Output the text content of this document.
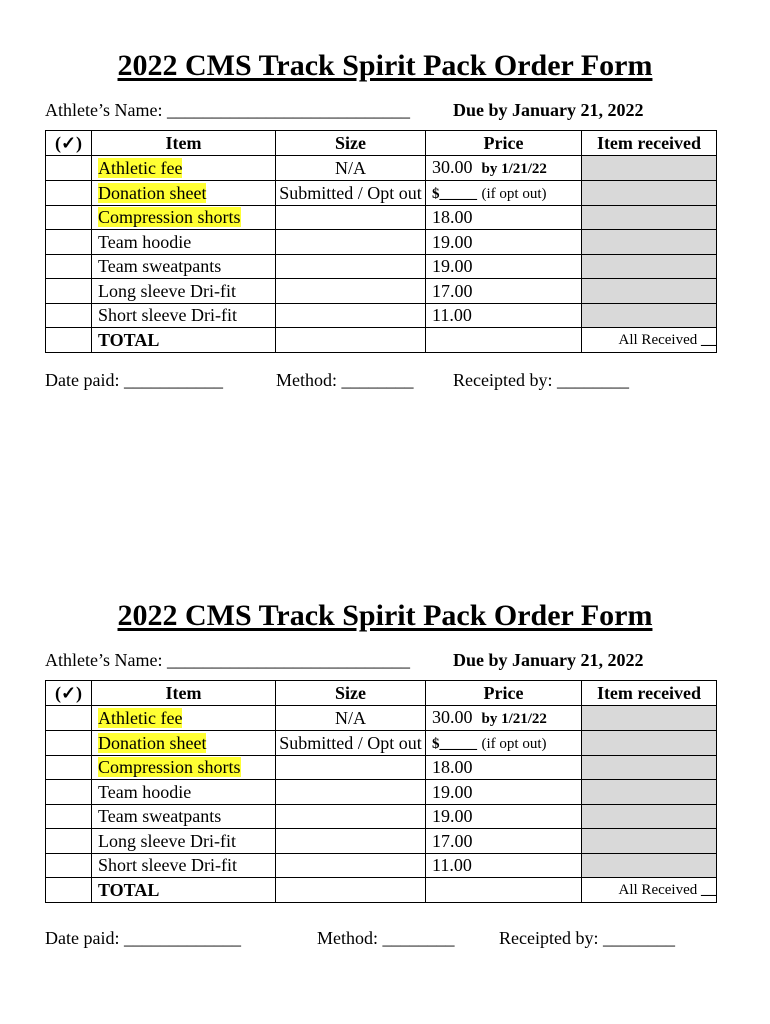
2022 CMS Track Spirit Pack Order Form
Athlete’s Name: ___________________________ Due by January 21, 2022
(✓)	Item	Size	Price	Item received
	Athletic fee	N/A	30.00 by 1/21/22	
	Donation sheet	Submitted / Opt out	$_____ (if opt out)	
	Compression shorts		18.00	
	Team hoodie		19.00	
	Team sweatpants		19.00	
	Long sleeve Dri-fit		17.00	
	Short sleeve Dri-fit		11.00	
	TOTAL			All Received __
Date paid: ___________	Method: ________ Receipted by: ________
2022 CMS Track Spirit Pack Order Form
Athlete’s Name: ___________________________ Due by January 21, 2022
(✓)	Item	Size	Price	Item received
	Athletic fee	N/A	30.00 by 1/21/22	
	Donation sheet	Submitted / Opt out	$_____ (if opt out)	
	Compression shorts		18.00	
	Team hoodie		19.00	
	Team sweatpants		19.00	
	Long sleeve Dri-fit		17.00	
	Short sleeve Dri-fit		11.00	
	TOTAL			All Received __
Date paid: _____________	Method: ________ Receipted by: ________
